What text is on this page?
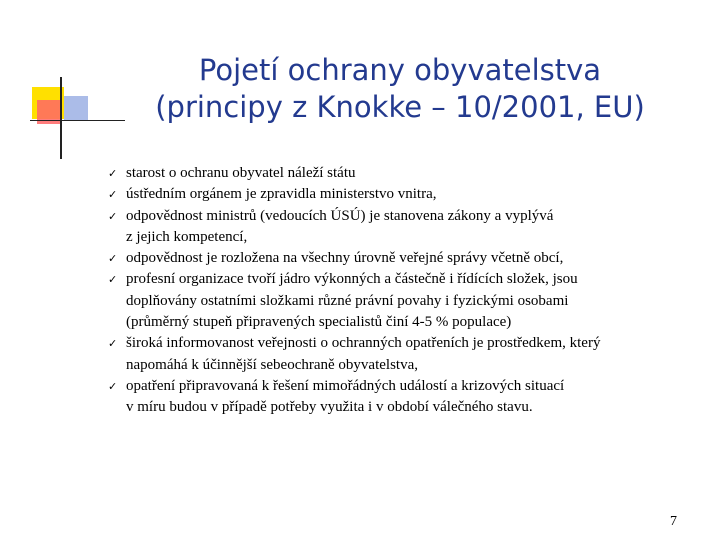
Pojetí ochrany obyvatelstva
(principy z Knokke – 10/2001, EU)
✓ starost o ochranu obyvatel náleží státu
✓ ústředním orgánem je zpravidla ministerstvo vnitra,
✓ odpovědnost ministrů (vedoucích ÚSÚ) je stanovena zákony a vyplývá
z jejich kompetencí,
✓ odpovědnost je rozložena na všechny úrovně veřejné správy včetně obcí,
✓ profesní organizace tvoří jádro výkonných a částečně i řídících složek, jsou
doplňovány ostatními složkami různé právní povahy i fyzickými osobami
(průměrný stupeň připravených specialistů činí 4-5 % populace)
✓ široká informovanost veřejnosti o ochranných opatřeních je prostředkem, který
napomáhá k účinnější sebeochraně obyvatelstva,
✓ opatření připravovaná k řešení mimořádných událostí a krizových situací
v míru budou v případě potřeby využita i v období válečného stavu.
7
